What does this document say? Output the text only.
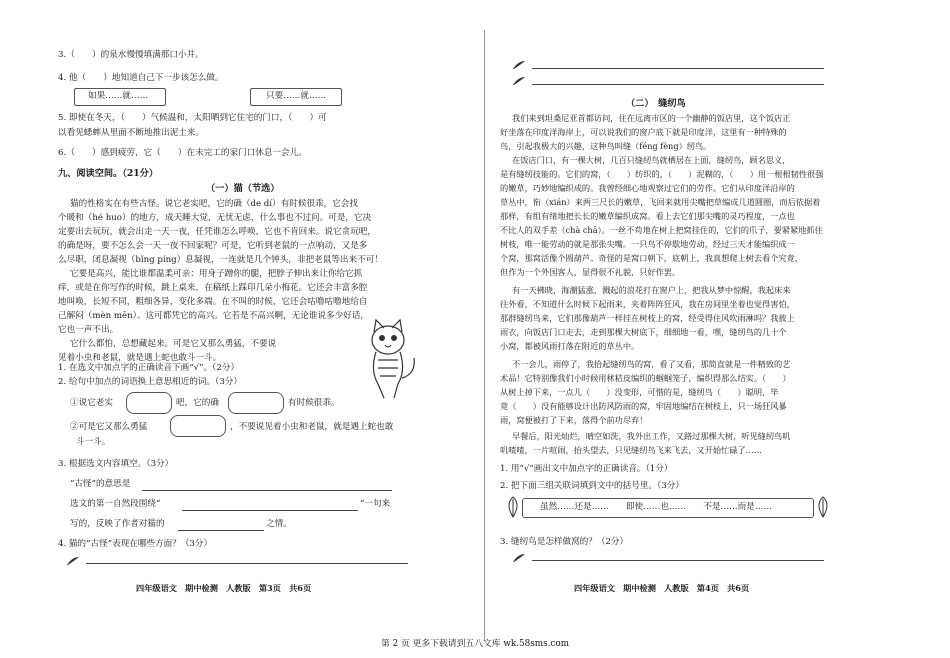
3.（　　）的泉水慢慢填满那口小井。
4. 他（　　）地知道自己下一步该怎么做。
如果……就……	只要……就……
5. 即使在冬天，（　　）气候温和，太阳晒到它住宅的门口，（　　）可
以看见蟋蟀从里面不断地推出泥土来。
6.（　　）感到疲劳，它（　　）在未完工的家门口休息一会儿。
九、阅读空间。（21分）
（一）猫（节选）
猫的性格实在有些古怪。说它老实吧，它的确（de dí）有时候很乖，它会找
个暖和（hé huo）的地方，成天睡大觉，无忧无虑，什么事也不过问。可是，它决
定要出去玩玩，就会出走一天一夜，任凭谁怎么呼唤，它也不肯回来。说它贪玩吧，
的确是呀，要不怎么会一天一夜不回家呢？可是，它听到老鼠的一点响动，又是多
么尽职，闭息凝视（bǐng píng）息凝视，一连就是几个钟头，非把老鼠等出来不可！
它要是高兴，能比谁都温柔可亲：用身子蹭你的腿，把脖子伸出来让你给它抓
痒，或是在你写作的时候，跳上桌来，在稿纸上踩印几朵小梅花。它还会丰富多腔
地叫唤，长短不同，粗细各异，变化多端。在不叫的时候，它还会咕噜咕噜地给自
己解闷（mèn mēn）。这可都凭它的高兴。它若是不高兴啊，无论谁说多少好话，
它也一声不出。
它什么都怕，总想藏起来。可是它又那么勇猛，不要说
见着小虫和老鼠，就是遇上蛇也敢斗一斗。
1. 在选文中加点字的正确读音下画“√”。（2分）
2. 给句中加点的词语换上意思相近的词。（3分）
①说它老实	吧，它的确	有时候很乖。
②可是它又那么勇猛	，不要说见着小虫和老鼠，就是遇上蛇也敢
斗一斗。
3. 根据选文内容填空。（3分）
“古怪”的意思是
选文的第一自然段围绕“	”一句来
写的，反映了作者对猫的	之情。
4. 猫的“古怪”表现在哪些方面？（3分）
四年级语文　期中检测　人教版　第3页　共6页
（二）　缝纫鸟
我们来到坦桑尼亚首都访问，住在远离市区的一个幽静的饭店里，这个饭店正
好坐落在印度洋海岸上，可以说我们的窗户底下就是印度洋，这里有一种特殊的
鸟，引起我极大的兴趣，这种鸟叫缝（féng fèng）纫鸟。
在饭店门口，有一棵大树，几百只缝纫鸟就栖居在上面，缝纫鸟，顾名思义，
是有缝纫技能的。它们的窝，（　　）纺织的，（　　）泥糊的，（　　）用一根根韧性很强
的嫩草，巧妙地编织成的。我曾经细心地观察过它们的劳作。它们从印度洋沿岸的
草丛中，衔（xián）来两三尺长的嫩草，飞回来就用尖嘴把草编成几道圆圈，而后依据着
那样，有组有绪地把长长的嫩草编织成窝。看上去它们那尖嘴的灵巧程度，一点也
不比人的双手差（chà chā）。一丝不苟地在树上把窝挂住的，它们的爪子，要紧紧地抓住
树枝，唯一能劳动的就是那张尖嘴。一只鸟不停歇地劳动，经过三天才能编织成一
个窝，那窝活像个圆葫芦。奇怪的是窝口朝下，底朝上，我真想爬上树去看个究竟，
但作为一个外国客人，显得很不礼貌，只好作罢。
有一天拂晓，海潮猛涨，溅起的浪花打在窗户上，把我从梦中惊醒，我起床来
往外看，不知道什么时候下起雨来，夹着阵阵狂风，我在房间里坐着也觉得害怕，
那群缝纫鸟来，它们那像葫芦一样挂在树枝上的窝，经受得住风吹雨淋吗？我披上
雨衣，向饭店门口走去，走到那棵大树底下，细细地一看，嘿，缝纫鸟的几十个
小窝，都被风雨打落在附近的草丛中。
不一会儿，雨停了，我拾起缝纫鸟的窝，看了又看，那简直就是一件精致的艺
术品！它特别像我们小时候用秫秸皮编织的蝈蝈笼子，编织得那么结实。（　　）
从树上掉下来，一点儿（　　）没变形，可惜的是，缝纫鸟（　　）聪明，毕
竟（　　）没有能够设计出防风防雨的窝，牢固地编结在树枝上，只一场狂风暴
雨，窝便被打了下来，落得个前功尽弃！
早餐后，阳光灿烂，晴空如洗，我外出工作，又路过那棵大树，听见缝纫鸟叽
叽喳喳，一片喧闹，抬头望去，只见缝纫鸟飞来飞去，又开始忙碌了……
1. 用“√”画出文中加点字的正确读音。（1分）
2. 把下面三组关联词填到文中的括号里。（3分）
虽然……还是……　　即使……也……　　不是……而是……
3. 缝纫鸟是怎样做窝的？（2分）
四年级语文　期中检测　人教版　第4页　共6页
第 2 页 更多下载请到五八文库 wk.58sms.com
